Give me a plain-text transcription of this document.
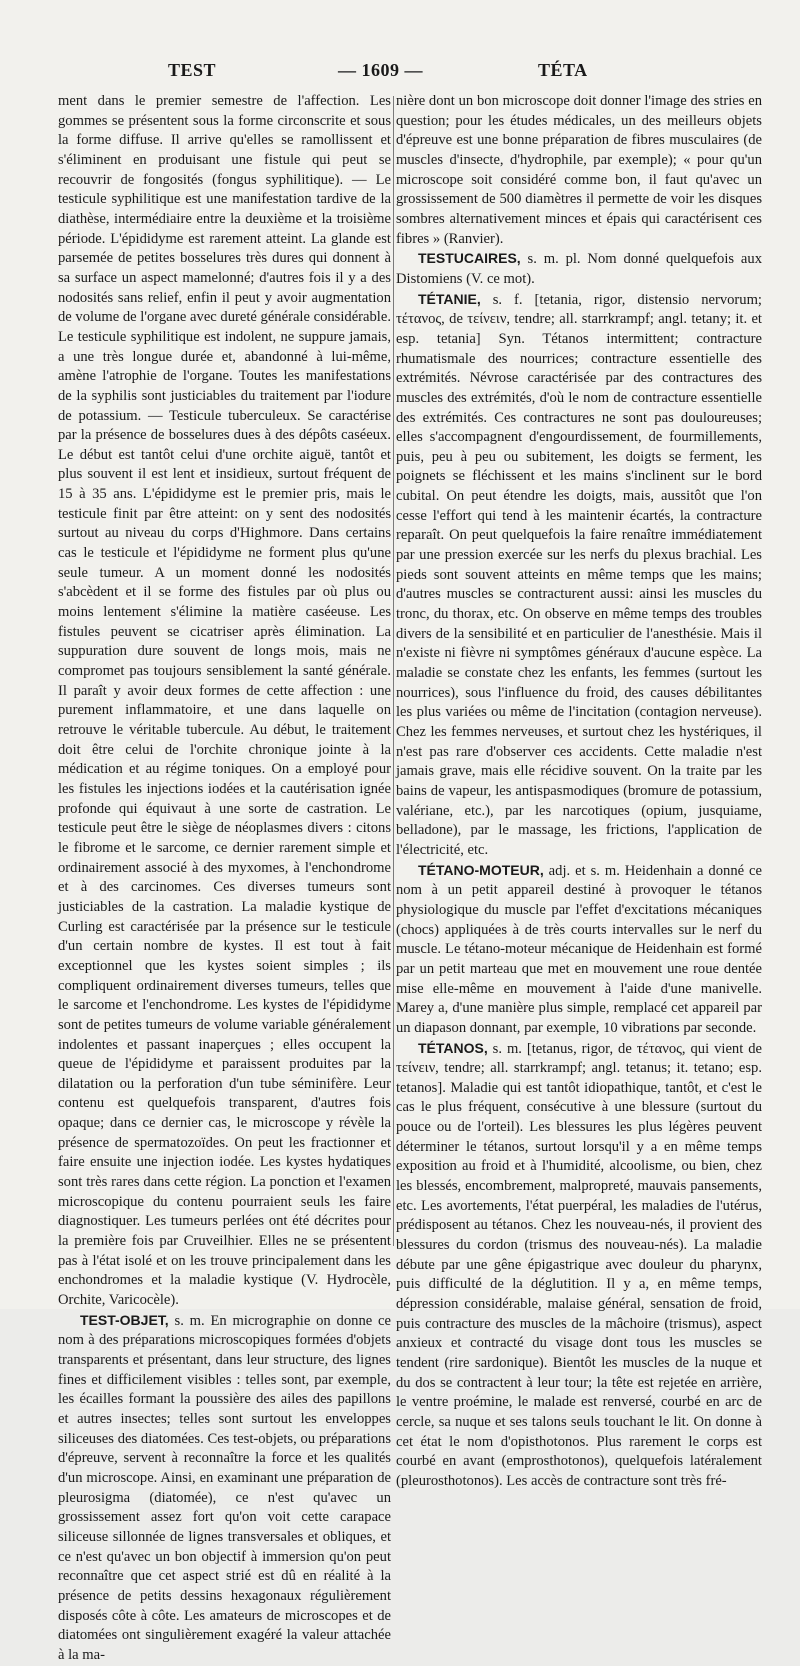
TEST	— 1609 —	TÉTA

ment dans le premier semestre de l'affection. Les gommes se présentent sous la forme circonscrite et sous la forme diffuse. Il arrive qu'elles se ramollissent et s'éliminent en produisant une fistule qui peut se recouvrir de fongosités (fongus syphilitique). — Le testicule syphilitique est une manifestation tardive de la diathèse, intermédiaire entre la deuxième et la troisième période. L'épididyme est rarement atteint. La glande est parsemée de petites bosselures très dures qui donnent à sa surface un aspect mamelonné; d'autres fois il y a des nodosités sans relief, enfin il peut y avoir augmentation de volume de l'organe avec dureté générale considérable. Le testicule syphilitique est indolent, ne suppure jamais, a une très longue durée et, abandonné à lui-même, amène l'atrophie de l'organe. Toutes les manifestations de la syphilis sont justiciables du traitement par l'iodure de potassium. — Testicule tuberculeux. Se caractérise par la présence de bosselures dues à des dépôts caséeux. Le début est tantôt celui d'une orchite aiguë, tantôt et plus souvent il est lent et insidieux, surtout fréquent de 15 à 35 ans. L'épididyme est le premier pris, mais le testicule finit par être atteint: on y sent des nodosités surtout au niveau du corps d'Highmore. Dans certains cas le testicule et l'épididyme ne forment plus qu'une seule tumeur. A un moment donné les nodosités s'abcèdent et il se forme des fistules par où plus ou moins lentement s'élimine la matière caséeuse. Les fistules peuvent se cicatriser après élimination. La suppuration dure souvent de longs mois, mais ne compromet pas toujours sensiblement la santé générale. Il paraît y avoir deux formes de cette affection : une purement inflammatoire, et une dans laquelle on retrouve le véritable tubercule. Au début, le traitement doit être celui de l'orchite chronique jointe à la médication et au régime toniques. On a employé pour les fistules les injections iodées et la cautérisation ignée profonde qui équivaut à une sorte de castration. Le testicule peut être le siège de néoplasmes divers : citons le fibrome et le sarcome, ce dernier rarement simple et ordinairement associé à des myxomes, à l'enchondrome et à des carcinomes. Ces diverses tumeurs sont justiciables de la castration. La maladie kystique de Curling est caractérisée par la présence sur le testicule d'un certain nombre de kystes. Il est tout à fait exceptionnel que les kystes soient simples ; ils compliquent ordinairement diverses tumeurs, telles que le sarcome et l'enchondrome. Les kystes de l'épididyme sont de petites tumeurs de volume variable généralement indolentes et passant inaperçues ; elles occupent la queue de l'épididyme et paraissent produites par la dilatation ou la perforation d'un tube séminifère. Leur contenu est quelquefois transparent, d'autres fois opaque; dans ce dernier cas, le microscope y révèle la présence de spermatozoïdes. On peut les fractionner et faire ensuite une injection iodée. Les kystes hydatiques sont très rares dans cette région. La ponction et l'examen microscopique du contenu pourraient seuls les faire diagnostiquer. Les tumeurs perlées ont été décrites pour la première fois par Cruveilhier. Elles ne se présentent pas à l'état isolé et on les trouve principalement dans les enchondromes et la maladie kystique (V. Hydrocèle, Orchite, Varicocèle).

TEST-OBJET, s. m. En micrographie on donne ce nom à des préparations microscopiques formées d'objets transparents et présentant, dans leur structure, des lignes fines et difficilement visibles : telles sont, par exemple, les écailles formant la poussière des ailes des papillons et autres insectes; telles sont surtout les enveloppes siliceuses des diatomées. Ces test-objets, ou préparations d'épreuve, servent à reconnaître la force et les qualités d'un microscope. Ainsi, en examinant une préparation de pleurosigma (diatomée), ce n'est qu'avec un grossissement assez fort qu'on voit cette carapace siliceuse sillonnée de lignes transversales et obliques, et ce n'est qu'avec un bon objectif à immersion qu'on peut reconnaître que cet aspect strié est dû en réalité à la présence de petits dessins hexagonaux régulièrement disposés côte à côte. Les amateurs de microscopes et de diatomées ont singulièrement exagéré la valeur attachée à la ma-

nière dont un bon microscope doit donner l'image des stries en question; pour les études médicales, un des meilleurs objets d'épreuve est une bonne préparation de fibres musculaires (de muscles d'insecte, d'hydrophile, par exemple); « pour qu'un microscope soit considéré comme bon, il faut qu'avec un grossissement de 500 diamètres il permette de voir les disques sombres alternativement minces et épais qui caractérisent ces fibres » (Ranvier).

TESTUCAIRES, s. m. pl. Nom donné quelquefois aux Distomiens (V. ce mot).

TÉTANIE, s. f. [tetania, rigor, distensio nervorum; τέτανος, de τείνειν, tendre; all. starrkrampf; angl. tetany; it. et esp. tetania] Syn. Tétanos intermittent; contracture rhumatismale des nourrices; contracture essentielle des extrémités. Névrose caractérisée par des contractures des muscles des extrémités, d'où le nom de contracture essentielle des extrémités. Ces contractures ne sont pas douloureuses; elles s'accompagnent d'engourdissement, de fourmillements, puis, peu à peu ou subitement, les doigts se ferment, les poignets se fléchissent et les mains s'inclinent sur le bord cubital. On peut étendre les doigts, mais, aussitôt que l'on cesse l'effort qui tend à les maintenir écartés, la contracture reparaît. On peut quelquefois la faire renaître immédiatement par une pression exercée sur les nerfs du plexus brachial. Les pieds sont souvent atteints en même temps que les mains; d'autres muscles se contracturent aussi: ainsi les muscles du tronc, du thorax, etc. On observe en même temps des troubles divers de la sensibilité et en particulier de l'anesthésie. Mais il n'existe ni fièvre ni symptômes généraux d'aucune espèce. La maladie se constate chez les enfants, les femmes (surtout les nourrices), sous l'influence du froid, des causes débilitantes les plus variées ou même de l'incitation (contagion nerveuse). Chez les femmes nerveuses, et surtout chez les hystériques, il n'est pas rare d'observer ces accidents. Cette maladie n'est jamais grave, mais elle récidive souvent. On la traite par les bains de vapeur, les antispasmodiques (bromure de potassium, valériane, etc.), par les narcotiques (opium, jusquiame, belladone), par le massage, les frictions, l'application de l'électricité, etc.

TÉTANO-MOTEUR, adj. et s. m. Heidenhain a donné ce nom à un petit appareil destiné à provoquer le tétanos physiologique du muscle par l'effet d'excitations mécaniques (chocs) appliquées à de très courts intervalles sur le nerf du muscle. Le tétano-moteur mécanique de Heidenhain est formé par un petit marteau que met en mouvement une roue dentée mise elle-même en mouvement à l'aide d'une manivelle. Marey a, d'une manière plus simple, remplacé cet appareil par un diapason donnant, par exemple, 10 vibrations par seconde.

TÉTANOS, s. m. [tetanus, rigor, de τέτανος, qui vient de τείνειν, tendre; all. starrkrampf; angl. tetanus; it. tetano; esp. tetanos]. Maladie qui est tantôt idiopathique, tantôt, et c'est le cas le plus fréquent, consécutive à une blessure (surtout du pouce ou de l'orteil). Les blessures les plus légères peuvent déterminer le tétanos, surtout lorsqu'il y a en même temps exposition au froid et à l'humidité, alcoolisme, ou bien, chez les blessés, encombrement, malpropreté, mauvais pansements, etc. Les avortements, l'état puerpéral, les maladies de l'utérus, prédisposent au tétanos. Chez les nouveau-nés, il provient des blessures du cordon (trismus des nouveau-nés). La maladie débute par une gêne épigastrique avec douleur du pharynx, puis difficulté de la déglutition. Il y a, en même temps, dépression considérable, malaise général, sensation de froid, puis contracture des muscles de la mâchoire (trismus), aspect anxieux et contracté du visage dont tous les muscles se tendent (rire sardonique). Bientôt les muscles de la nuque et du dos se contractent à leur tour; la tête est rejetée en arrière, le ventre proémine, le malade est renversé, courbé en arc de cercle, sa nuque et ses talons seuls touchant le lit. On donne à cet état le nom d'opisthotonos. Plus rarement le corps est courbé en avant (emprosthotonos), quelquefois latéralement (pleurosthotonos). Les accès de contracture sont très fré-
